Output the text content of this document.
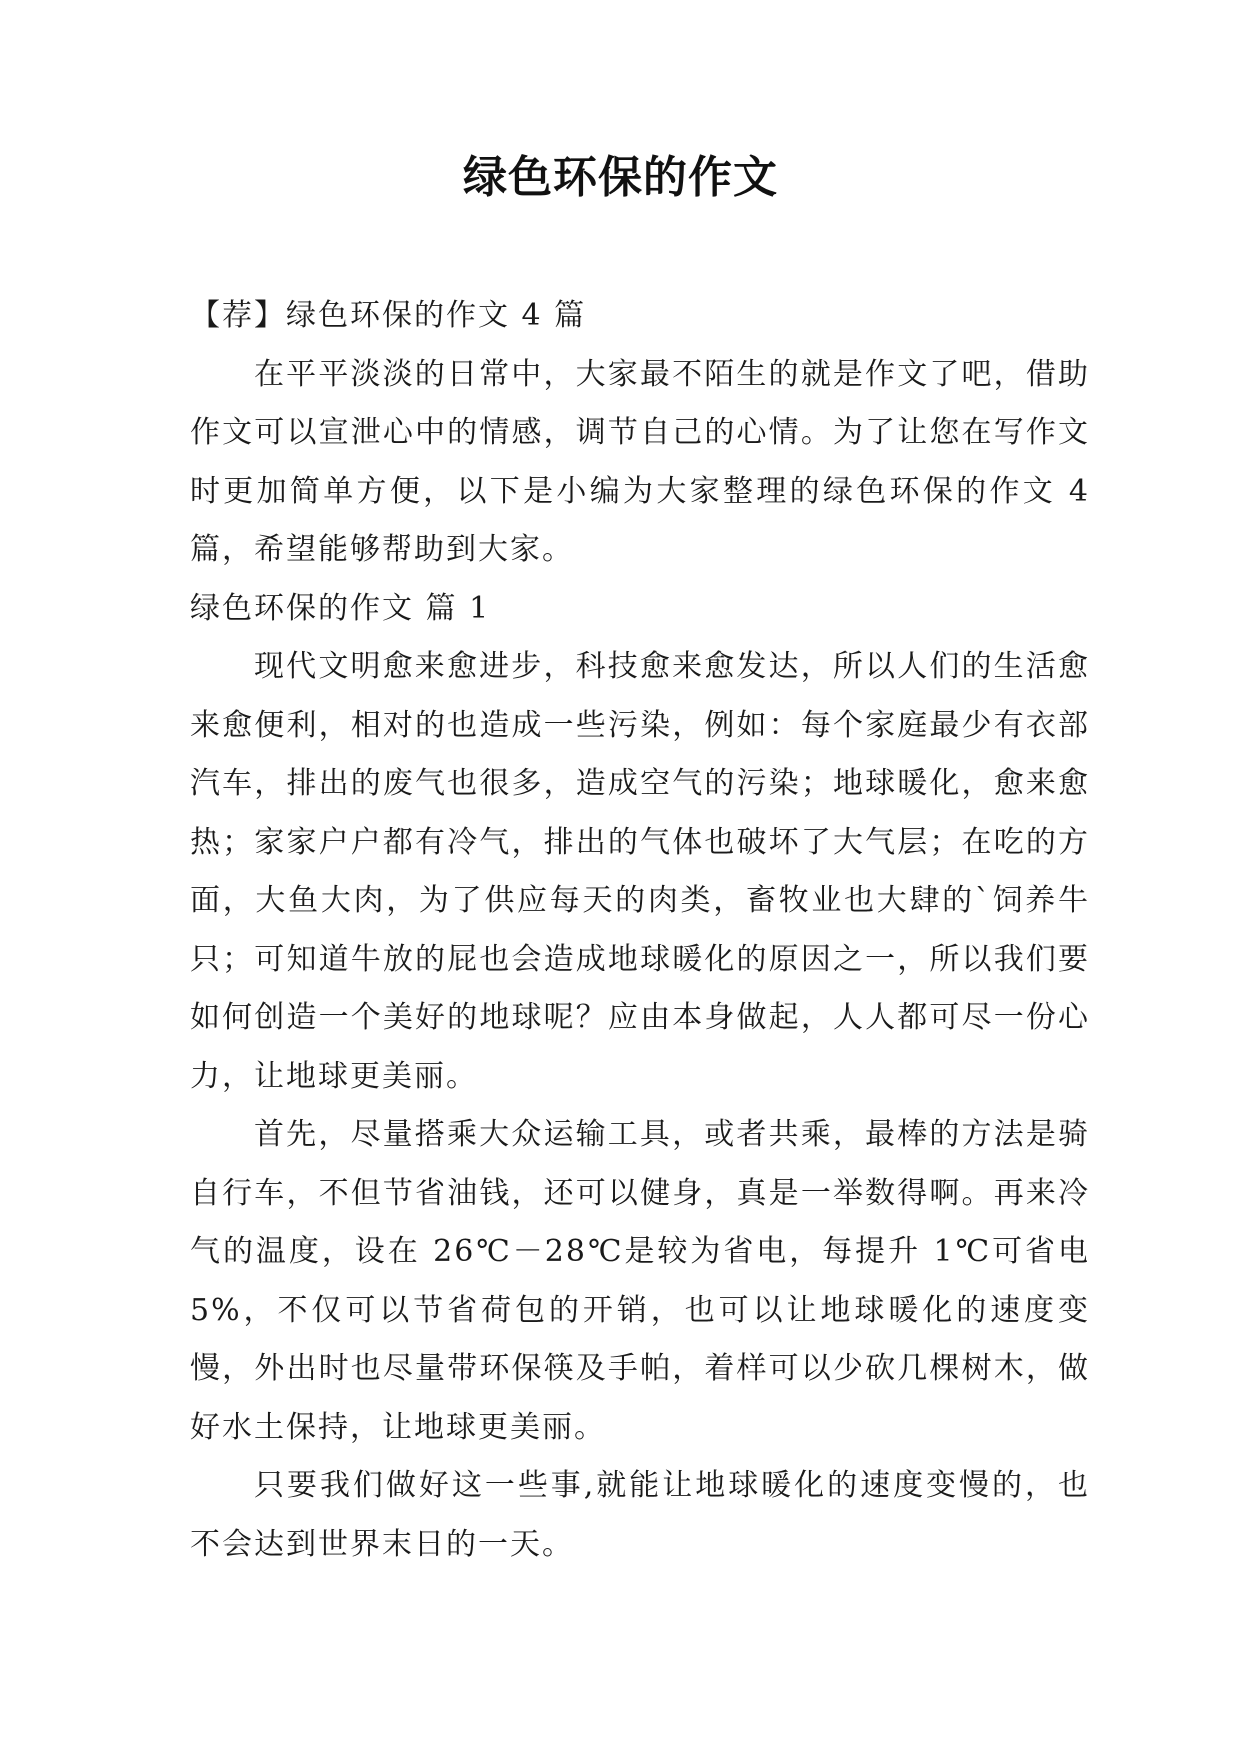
绿色环保的作文

【荐】绿色环保的作文 4 篇

在平平淡淡的日常中，大家最不陌生的就是作文了吧，借助作文可以宣泄心中的情感，调节自己的心情。为了让您在写作文时更加简单方便，以下是小编为大家整理的绿色环保的作文 4 篇，希望能够帮助到大家。

绿色环保的作文 篇 1

现代文明愈来愈进步，科技愈来愈发达，所以人们的生活愈来愈便利，相对的也造成一些污染，例如：每个家庭最少有衣部汽车，排出的废气也很多，造成空气的污染；地球暖化，愈来愈热；家家户户都有冷气，排出的气体也破坏了大气层；在吃的方面，大鱼大肉，为了供应每天的肉类，畜牧业也大肆的`饲养牛只；可知道牛放的屁也会造成地球暖化的原因之一，所以我们要如何创造一个美好的地球呢？应由本身做起，人人都可尽一份心力，让地球更美丽。

首先，尽量搭乘大众运输工具，或者共乘，最棒的方法是骑自行车，不但节省油钱，还可以健身，真是一举数得啊。再来冷气的温度，设在 26℃－28℃是较为省电，每提升 1℃可省电 5%，不仅可以节省荷包的开销，也可以让地球暖化的速度变慢，外出时也尽量带环保筷及手帕，着样可以少砍几棵树木，做好水土保持，让地球更美丽。

只要我们做好这一些事,就能让地球暖化的速度变慢的，也不会达到世界末日的一天。
